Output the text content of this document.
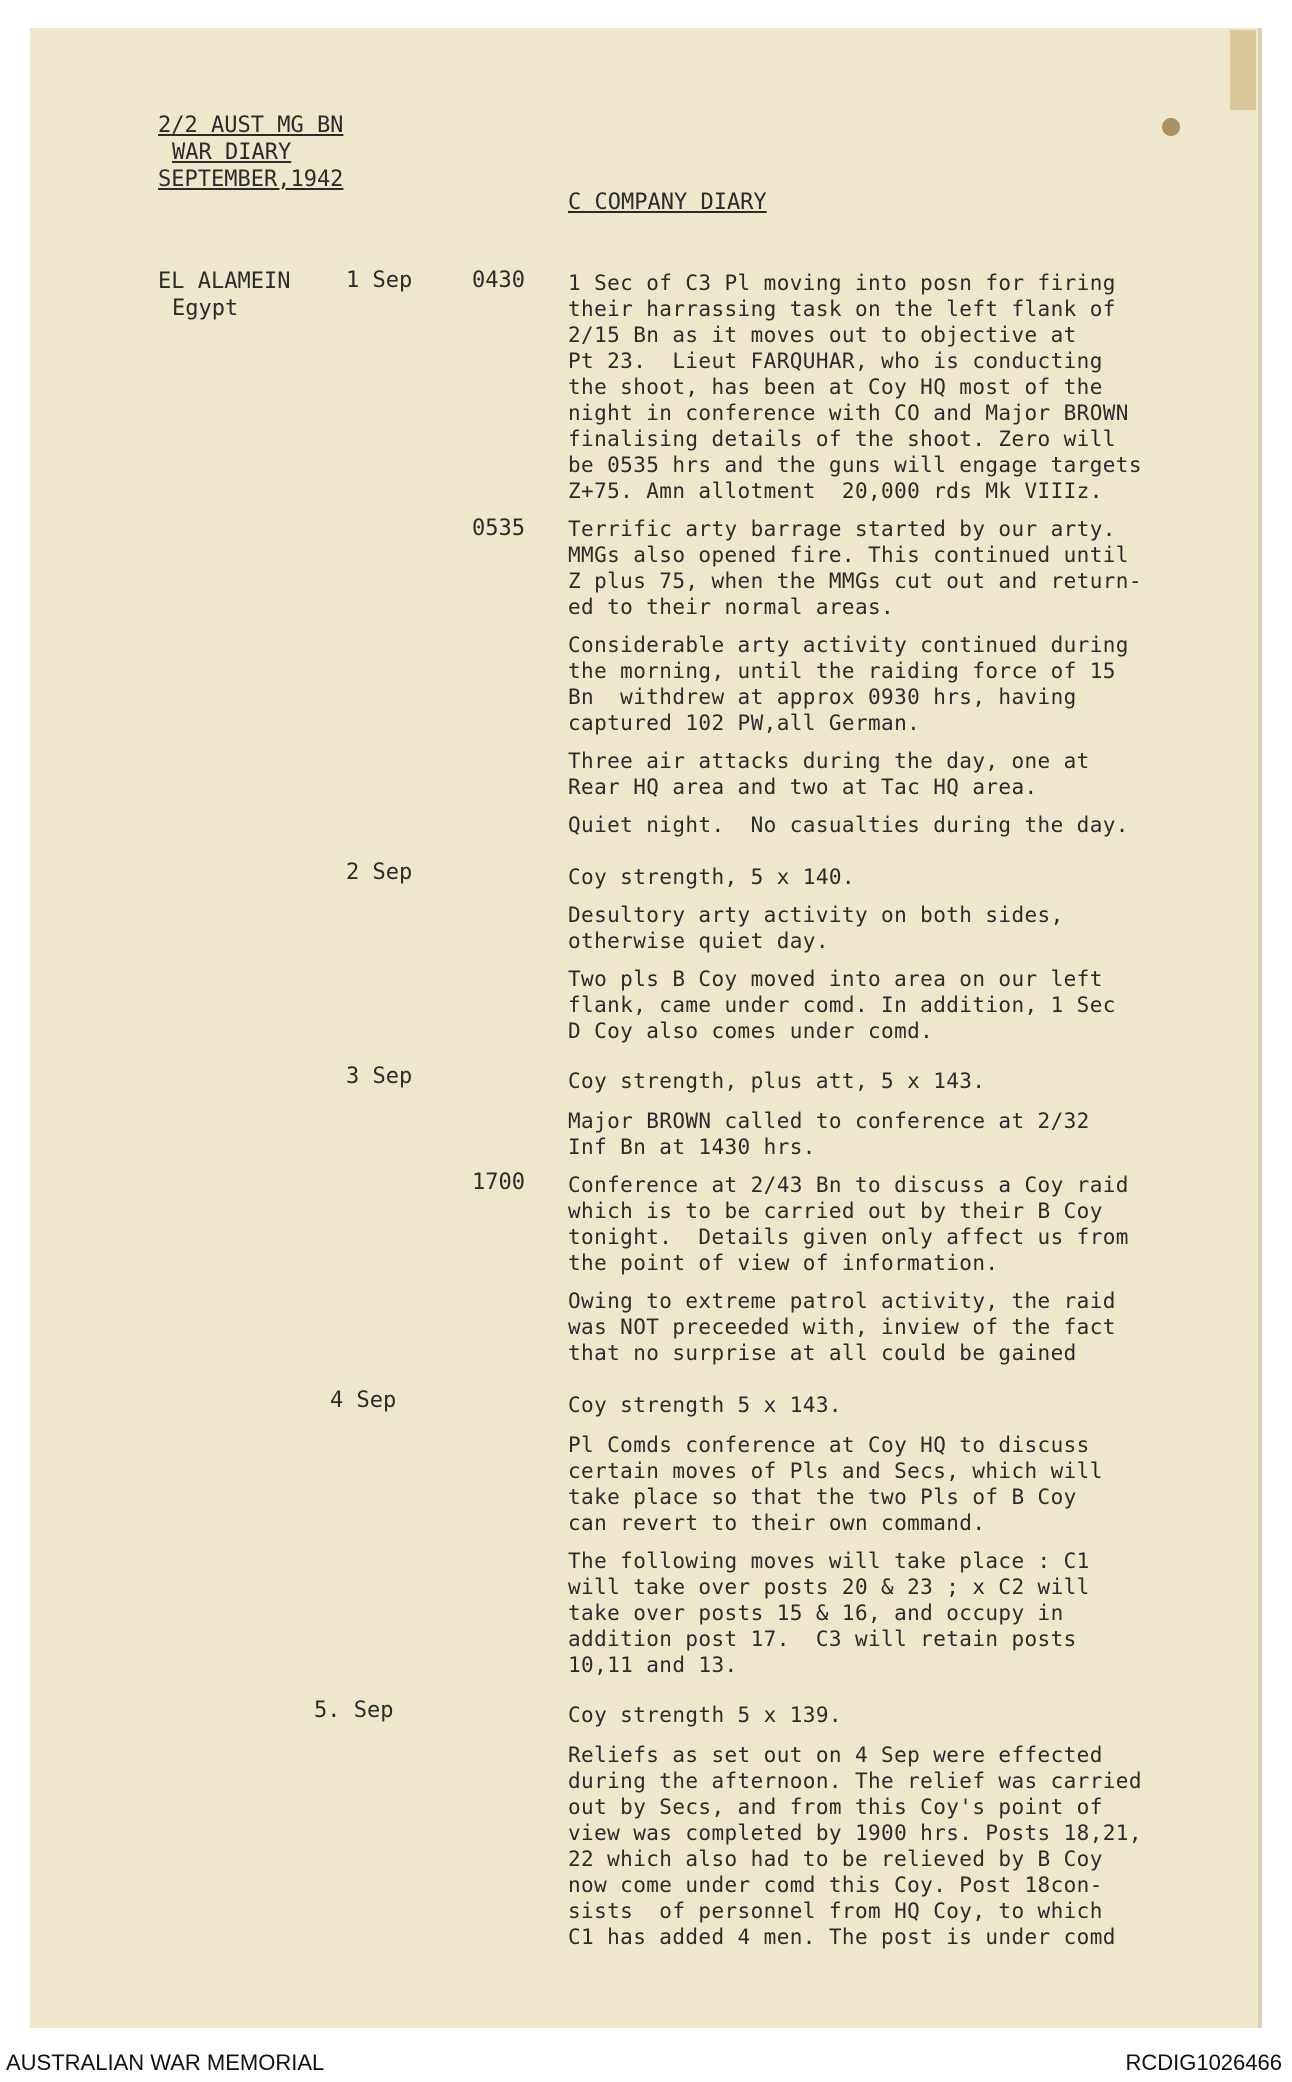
2/2 AUST MG BN
WAR DIARY
SEPTEMBER,1942
C COMPANY DIARY
EL ALAMEIN
Egypt
1 Sep
2 Sep
3 Sep
4 Sep
5. Sep
0430
0535
1700
1 Sec of C3 Pl moving into posn for firing
their harrassing task on the left flank of
2/15 Bn as it moves out to objective at
Pt 23.  Lieut FARQUHAR, who is conducting
the shoot, has been at Coy HQ most of the
night in conference with CO and Major BROWN
finalising details of the shoot. Zero will
be 0535 hrs and the guns will engage targets
Z+75. Amn allotment  20,000 rds Mk VIIIz.
Terrific arty barrage started by our arty.
MMGs also opened fire. This continued until
Z plus 75, when the MMGs cut out and return-
ed to their normal areas.
Considerable arty activity continued during
the morning, until the raiding force of 15
Bn  withdrew at approx 0930 hrs, having
captured 102 PW,all German.
Three air attacks during the day, one at
Rear HQ area and two at Tac HQ area.
Quiet night.  No casualties during the day.
Coy strength, 5 x 140.
Desultory arty activity on both sides,
otherwise quiet day.
Two pls B Coy moved into area on our left
flank, came under comd. In addition, 1 Sec
D Coy also comes under comd.
Coy strength, plus att, 5 x 143.
Major BROWN called to conference at 2/32
Inf Bn at 1430 hrs.
Conference at 2/43 Bn to discuss a Coy raid
which is to be carried out by their B Coy
tonight.  Details given only affect us from
the point of view of information.
Owing to extreme patrol activity, the raid
was NOT preceeded with, inview of the fact
that no surprise at all could be gained
Coy strength 5 x 143.
Pl Comds conference at Coy HQ to discuss
certain moves of Pls and Secs, which will
take place so that the two Pls of B Coy
can revert to their own command.
The following moves will take place : C1
will take over posts 20 & 23 ; x C2 will
take over posts 15 & 16, and occupy in
addition post 17.  C3 will retain posts
10,11 and 13.
Coy strength 5 x 139.
Reliefs as set out on 4 Sep were effected
during the afternoon. The relief was carried
out by Secs, and from this Coy's point of
view was completed by 1900 hrs. Posts 18,21,
22 which also had to be relieved by B Coy
now come under comd this Coy. Post 18con-
sists  of personnel from HQ Coy, to which
C1 has added 4 men. The post is under comd
AUSTRALIAN WAR MEMORIAL	RCDIG1026466
